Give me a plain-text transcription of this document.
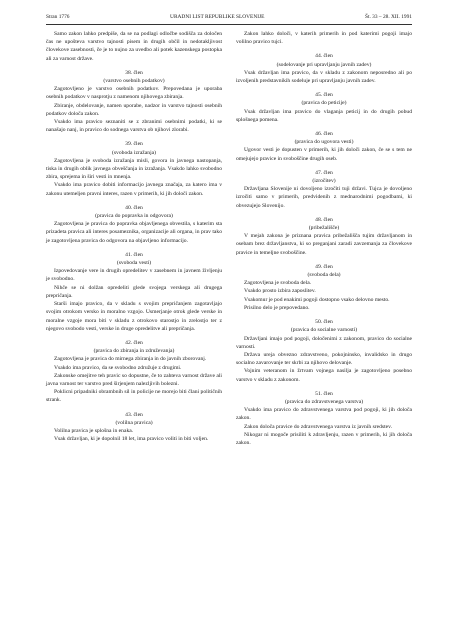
Stran 1776	URADNI LIST REPUBLIKE SLOVENIJE	Št. 33 – 28. XII. 1991

Samo zakon lahko predpiše, da se na podlagi odločbe sodišča za določen čas ne upošteva varstvo tajnosti pisem in drugih občil in nedotakljivost človekove zasebnosti, če je to nujno za uvedbo ali potek kazenskega postopka ali za varnost države.

38. člen

(varstvo osebnih podatkov)

Zagotovljeno je varstvo osebnih podatkov. Prepovedana je uporaba osebnih podatkov v nasprotju z namenom njihovega zbiranja.

Zbiranje, obdelovanje, namen uporabe, nadzor in varstvo tajnosti osebnih podatkov določa zakon.

Vsakdo ima pravico seznaniti se z zbranimi osebnimi podatki, ki se nanašajo nanj, in pravico do sodnega varstva ob njihovi zlorabi.

39. člen

(svoboda izražanja)

Zagotovljena je svoboda izražanja misli, govora in javnega nastopanja, tiska in drugih oblik javnega obveščanja in izražanja. Vsakdo lahko svobodno zbira, sprejema in širi vesti in mnenja.

Vsakdo ima pravico dobiti informacijo javnega značaja, za katero ima v zakonu utemeljen pravni interes, razen v primerih, ki jih določi zakon.

40. člen

(pravica do popravka in odgovora)

Zagotovljena je pravica do popravka objavljenega obvestila, s katerim sta prizadeta pravica ali interes posameznika, organizacije ali organa, in prav tako je zagotovljena pravica do odgovora na objavljeno informacijo.

41. člen

(svoboda vesti)

Izpovedovanje vere in drugih opredelitev v zasebnem in javnem življenju je svobodno.

Nihče se ni dolžan opredeliti glede svojega verskega ali drugega prepričanja.

Starši imajo pravico, da v skladu s svojim prepričanjem zagotavljajo svojim otrokom versko in moralno vzgojo. Usmerjanje otrok glede verske in moralne vzgoje mora biti v skladu z otrokovo starostjo in zrelostjo ter z njegovo svobodo vesti, verske in druge opredelitve ali prepričanja.

42. člen

(pravica do zbiranja in združevanja)

Zagotovljena je pravica do mirnega zbiranja in do javnih zborovanj.

Vsakdo ima pravico, da se svobodno združuje z drugimi.

Zakonske omejitve teh pravic so dopustne, če to zahteva varnost države ali javna varnost ter varstvo pred širjenjem nalezljivih bolezni.

Poklicni pripadniki obrambnih sil in policije ne morejo biti člani političnih strank.

43. člen

(volilna pravica)

Volilna pravica je splošna in enaka.

Vsak državljan, ki je dopolnil 18 let, ima pravico voliti in biti voljen.

Zakon lahko določi, v katerih primerih in pod katerimi pogoji imajo volilno pravico tujci.

44. člen

(sodelovanje pri upravljanju javnih zadev)

Vsak državljan ima pravico, da v skladu z zakonom neposredno ali po izvoljenih predstavnikih sodeluje pri upravljanju javnih zadev.

45. člen

(pravica do peticije)

Vsak državljan ima pravico do vlaganja peticij in do drugih pobud splošnega pomena.

46. člen

(pravica do ugovora vesti)

Ugovor vesti je dopusten v primerih, ki jih določi zakon, če se s tem ne omejujejo pravice in svoboščine drugih oseb.

47. člen

(izročitev)

Državljana Slovenije ni dovoljeno izročiti tuji državi. Tujca je dovoljeno izročiti samo v primerih, predvidenih z mednarodnimi pogodbami, ki obvezujejo Slovenijo.

48. člen

(pribežališče)

V mejah zakona je priznana pravica pribežališča tujim državljanom in osebam brez državljanstva, ki so preganjani zaradi zavzemanja za človekove pravice in temeljne svoboščine.

49. člen

(svoboda dela)

Zagotovljena je svoboda dela.

Vsakdo prosto izbira zaposlitev.

Vsakomur je pod enakimi pogoji dostopno vsako delovno mesto.

Prisilno delo je prepovedano.

50. člen

(pravica do socialne varnosti)

Državljani imajo pod pogoji, določenimi z zakonom, pravico do socialne varnosti.

Država ureja obvezno zdravstveno, pokojninsko, invalidsko in drugo socialno zavarovanje ter skrbi za njihovo delovanje.

Vojnim veteranom in žrtvam vojnega nasilja je zagotovljeno posebno varstvo v skladu z zakonom.

51. člen

(pravica do zdravstvenega varstva)

Vsakdo ima pravico do zdravstvenega varstva pod pogoji, ki jih določa zakon.

Zakon določa pravice do zdravstvenega varstva iz javnih sredstev.

Nikogar ni mogoče prisiliti k zdravljenju, razen v primerih, ki jih določa zakon.
